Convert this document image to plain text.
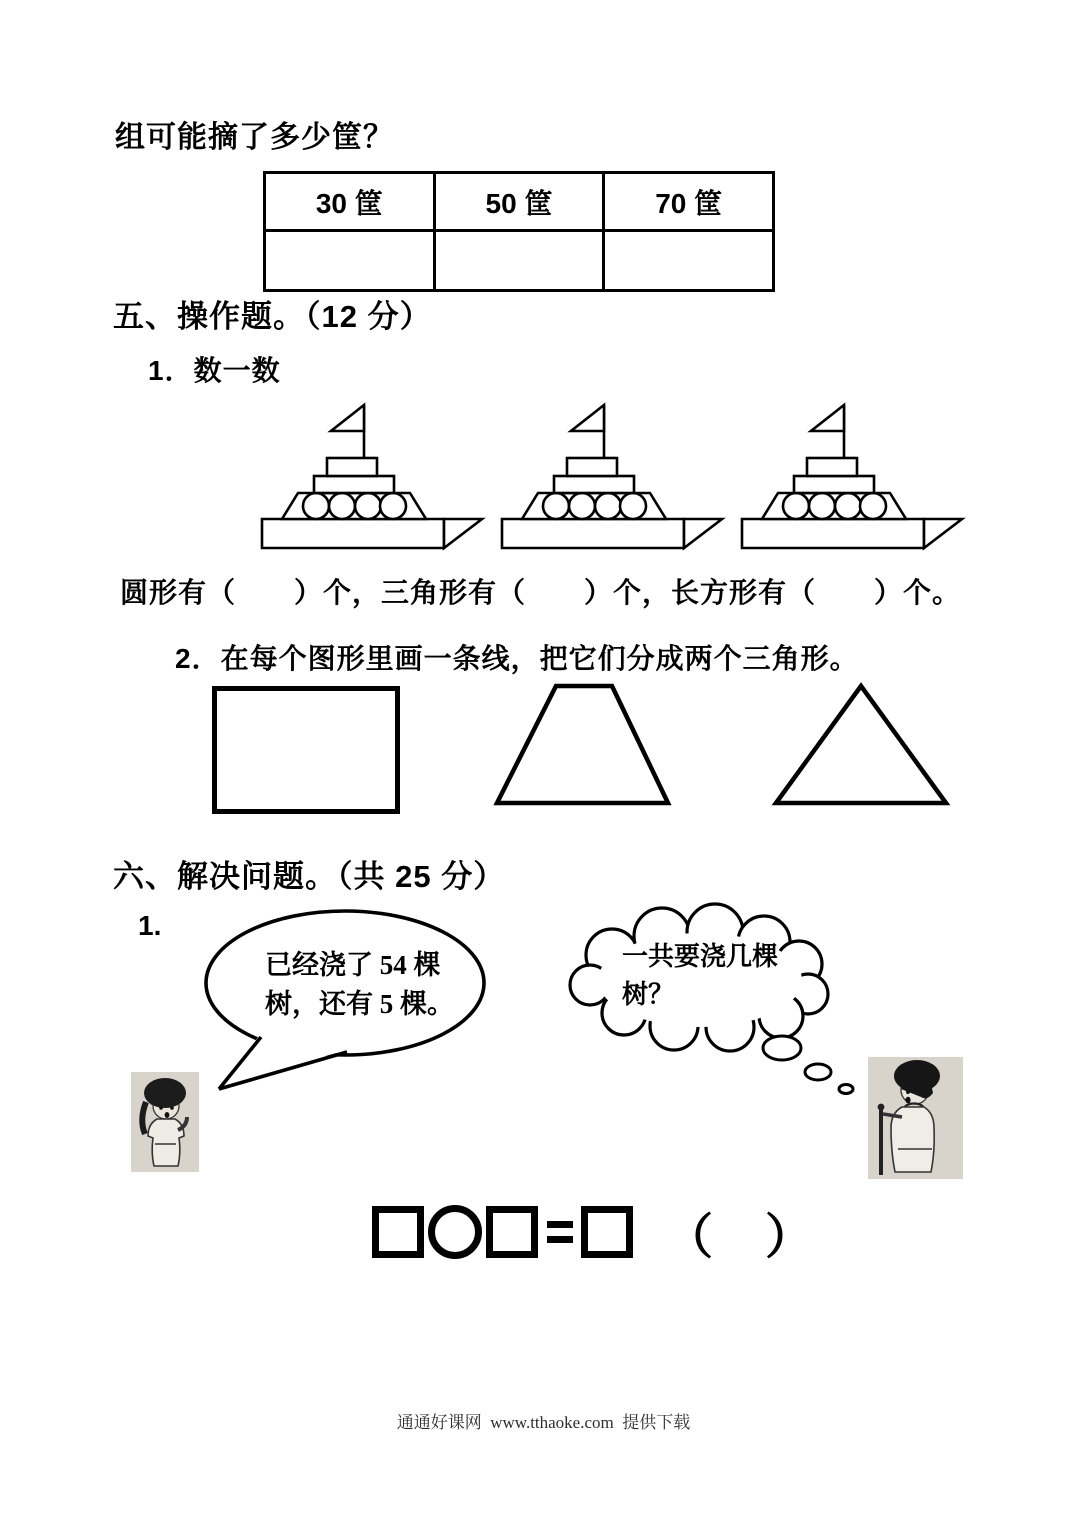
组可能摘了多少筐？
30 筐	50 筐	70 筐

五、操作题。（12 分）
1．数一数
圆形有（　　）个，三角形有（　　）个，长方形有（　　）个。
2．在每个图形里画一条线，把它们分成两个三角形。
六、解决问题。（共 25 分）
1.
已经浇了 54 棵树，还有 5 棵。
一共要浇几棵树？
（　）
通通好课网  www.tthaoke.com  提供下载
